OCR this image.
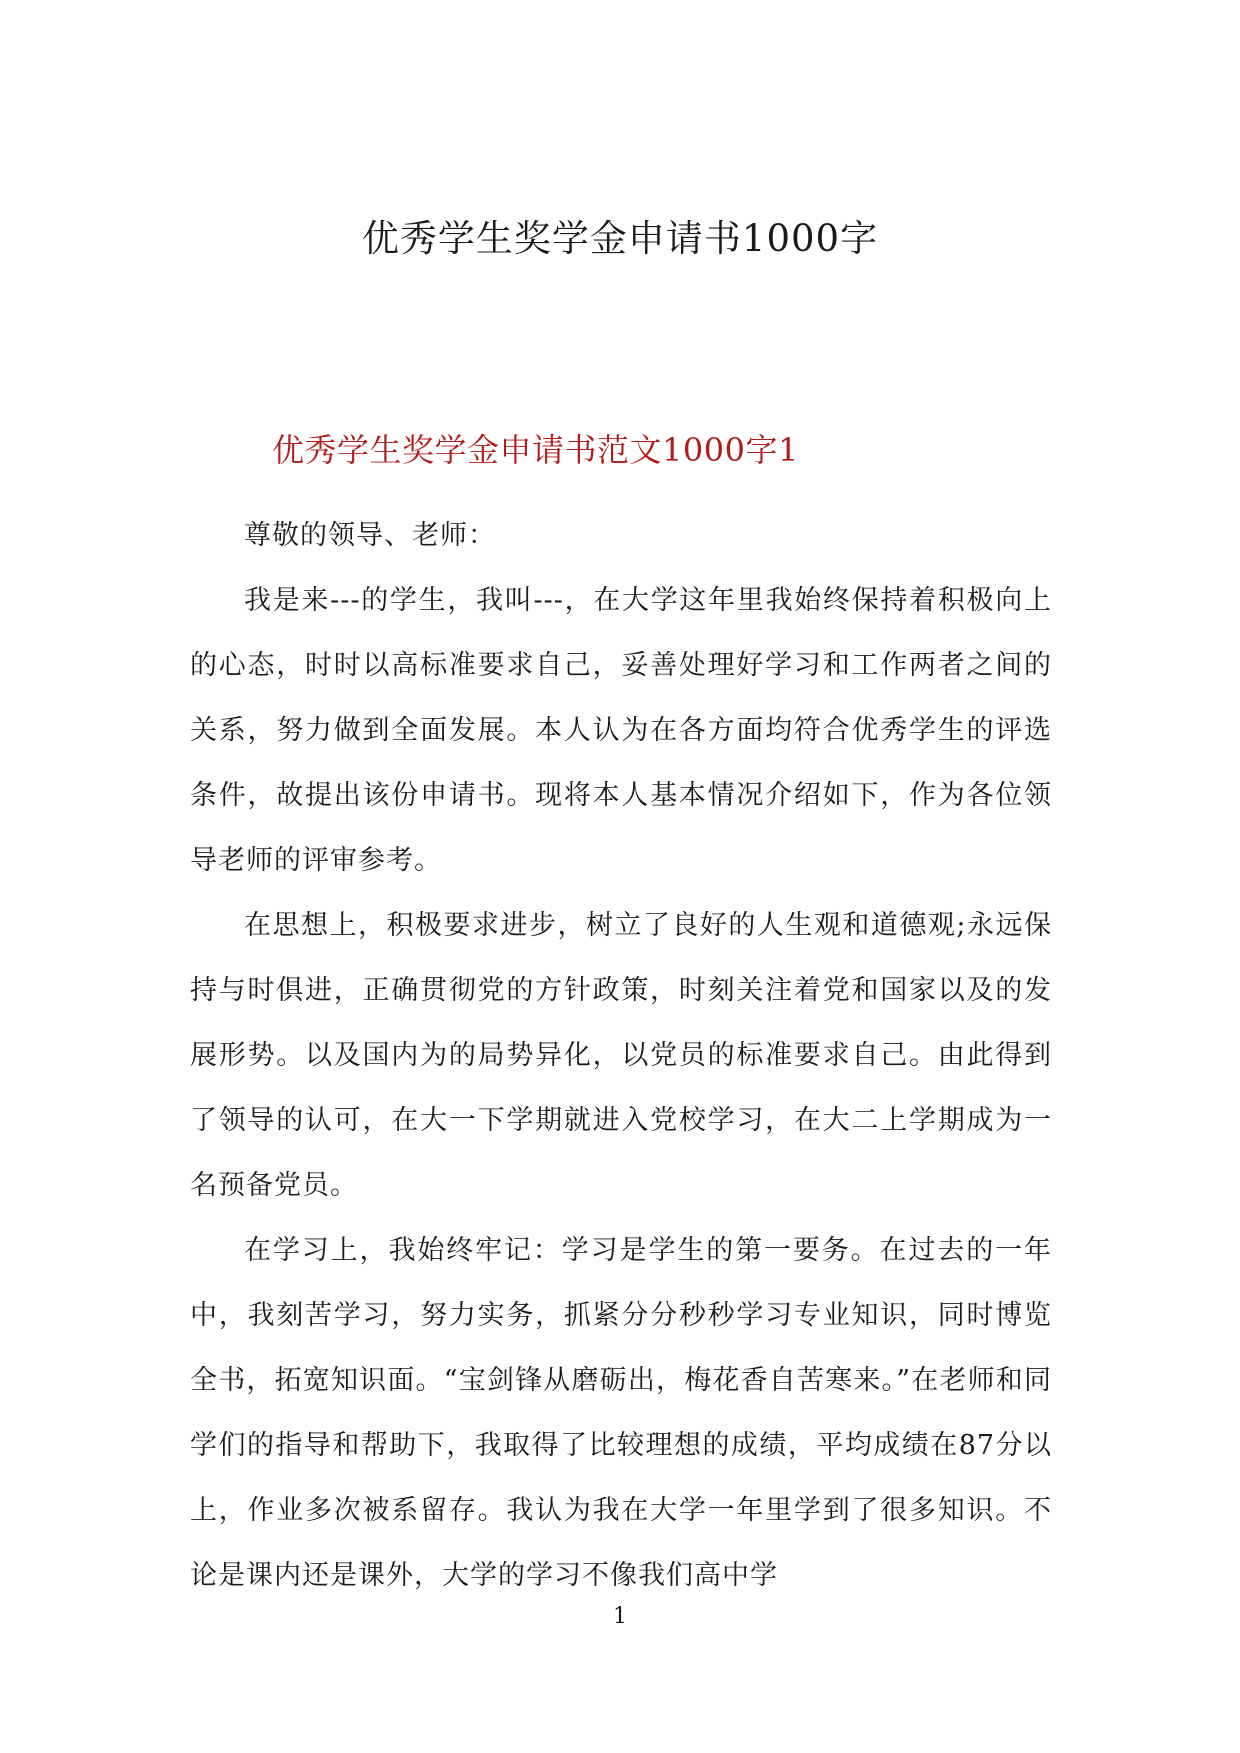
优秀学生奖学金申请书1000字
优秀学生奖学金申请书范文1000字1

尊敬的领导、老师：

我是来---的学生，我叫---，在大学这年里我始终保持着积极向上的心态，时时以高标准要求自己，妥善处理好学习和工作两者之间的关系，努力做到全面发展。本人认为在各方面均符合优秀学生的评选条件，故提出该份申请书。现将本人基本情况介绍如下，作为各位领导老师的评审参考。

在思想上，积极要求进步，树立了良好的人生观和道德观;永远保持与时俱进，正确贯彻党的方针政策，时刻关注着党和国家以及的发展形势。以及国内为的局势异化，以党员的标准要求自己。由此得到了领导的认可，在大一下学期就进入党校学习，在大二上学期成为一名预备党员。

在学习上，我始终牢记：学习是学生的第一要务。在过去的一年中，我刻苦学习，努力实务，抓紧分分秒秒学习专业知识，同时博览全书，拓宽知识面。“宝剑锋从磨砺出，梅花香自苦寒来。”在老师和同学们的指导和帮助下，我取得了比较理想的成绩，平均成绩在87分以上，作业多次被系留存。我认为我在大学一年里学到了很多知识。不论是课内还是课外，大学的学习不像我们高中学

1
